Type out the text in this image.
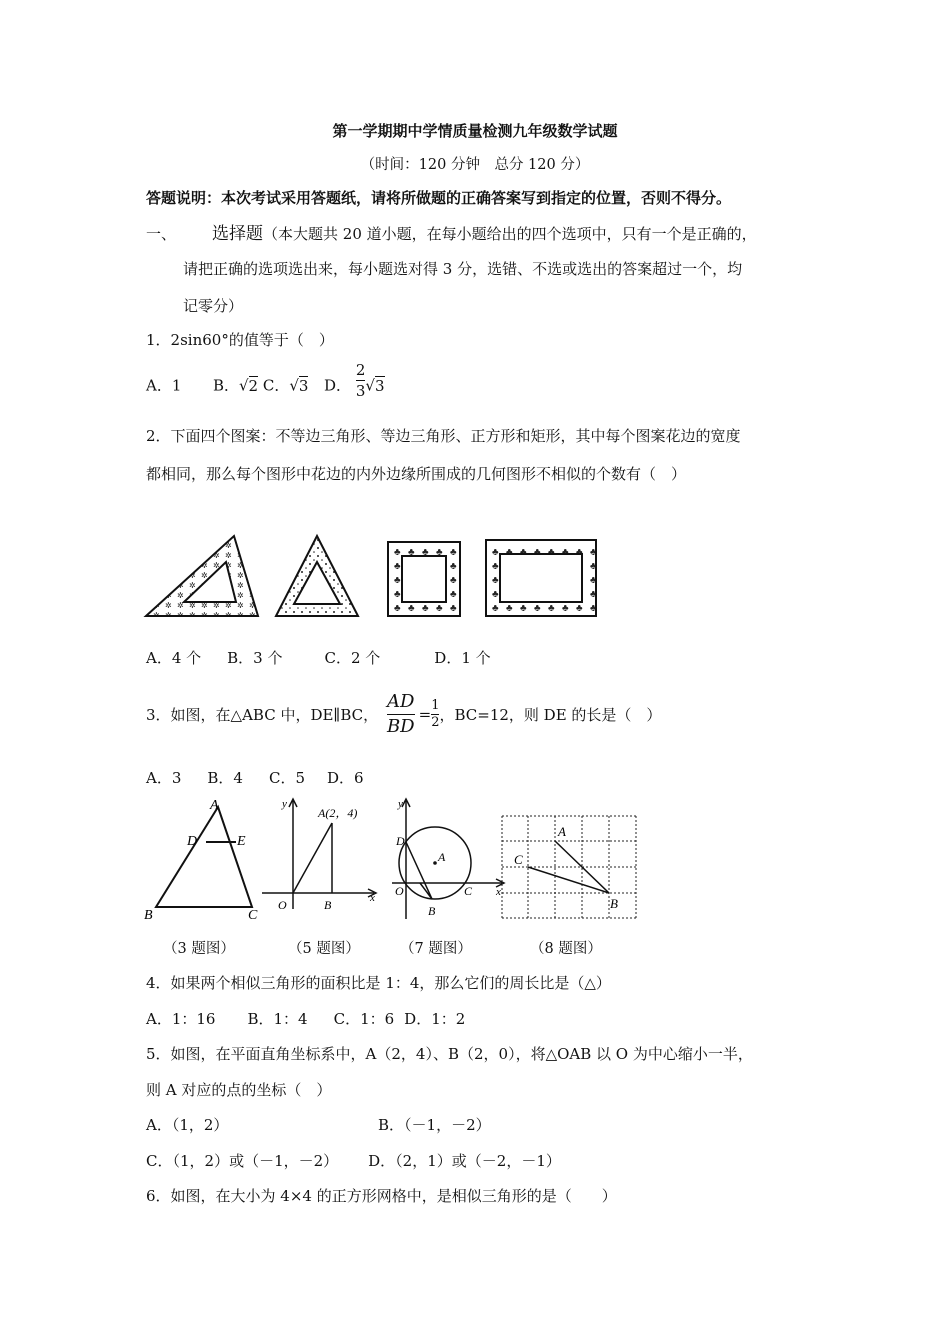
第一学期期中学情质量检测九年级数学试题
（时间：120 分钟　总分 120 分）
答题说明：本次考试采用答题纸，请将所做题的正确答案写到指定的位置，否则不得分。
一、 选择题（本大题共 20 道小题，在每小题给出的四个选项中，只有一个是正确的，
请把正确的选项选出来，每小题选对得 3 分，选错、不选或选出的答案超过一个，均
记零分）
1．2sin60°的值等于（　）
A．1 B．√2 C．√3 D． $\frac{2}{3} √3$
2．下面四个图案：不等边三角形、等边三角形、正方形和矩形，其中每个图案花边的宽度
都相同，那么每个图形中花边的内外边缘所围成的几何图形不相似的个数有（　）
A．4 个 B．3 个	C．2 个	D．1 个
3．如图，在△ABC 中，DE∥BC， $\frac{AD}{BD} = \frac{1}{2}$ ，BC=12，则 DE 的长是（　）
A．3 B．4 C．5 D．6
A
D	E
B	C
y
A(2，4)
O	B	x
y
D
A
O
B
C x
A
C
B
（3 题图）	（5 题图）	（7 题图）	（8 题图）
4．如果两个相似三角形的面积比是 1：4，那么它们的周长比是（△）
A．1：16 B．1：4 C．1：6 D．1：2
5．如图，在平面直角坐标系中，A（2，4）、B（2，0），将△OAB 以 O 为中心缩小一半，
则 A 对应的点的坐标（　）
A．（1，2）	B．（－1，－2）
C．（1，2）或（－1，－2） D．（2，1）或（－2，－1）
6．如图，在大小为 4×4 的正方形网格中，是相似三角形的是（　　）
